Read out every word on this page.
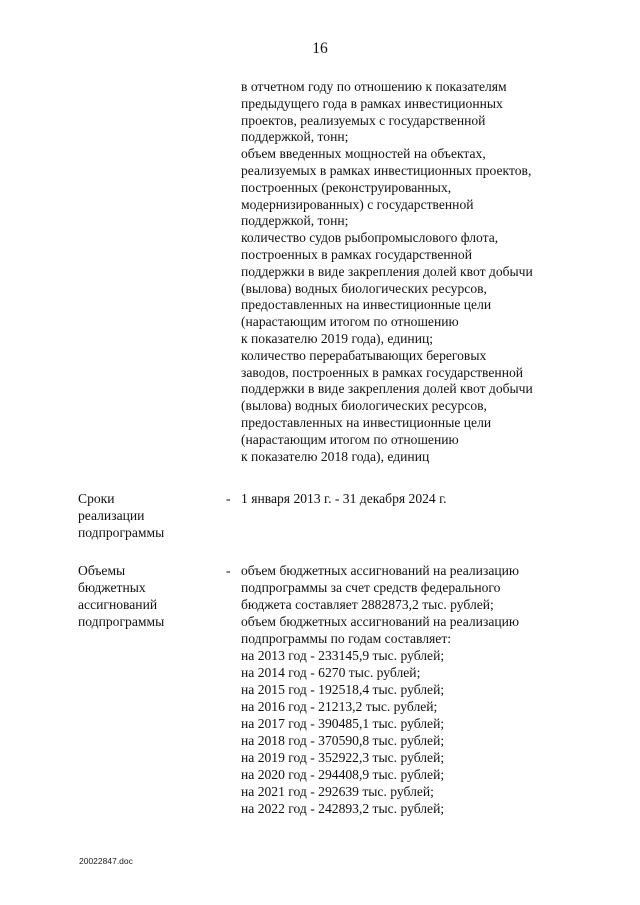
16
в отчетном году по отношению к показателям
предыдущего года в рамках инвестиционных
проектов, реализуемых с государственной
поддержкой, тонн;
объем введенных мощностей на объектах,
реализуемых в рамках инвестиционных проектов,
построенных (реконструированных,
модернизированных) с государственной
поддержкой, тонн;
количество судов рыбопромыслового флота,
построенных в рамках государственной
поддержки в виде закрепления долей квот добычи
(вылова) водных биологических ресурсов,
предоставленных на инвестиционные цели
(нарастающим итогом по отношению
к показателю 2019 года), единиц;
количество перерабатывающих береговых
заводов, построенных в рамках государственной
поддержки в виде закрепления долей квот добычи
(вылова) водных биологических ресурсов,
предоставленных на инвестиционные цели
(нарастающим итогом по отношению
к показателю 2018 года), единиц
Сроки
реализации
подпрограммы
- 1 января 2013 г. - 31 декабря 2024 г.
Объемы
бюджетных
ассигнований
подпрограммы
- объем бюджетных ассигнований на реализацию
подпрограммы за счет средств федерального
бюджета составляет 2882873,2 тыс. рублей;
объем бюджетных ассигнований на реализацию
подпрограммы по годам составляет:
на 2013 год - 233145,9 тыс. рублей;
на 2014 год - 6270 тыс. рублей;
на 2015 год - 192518,4 тыс. рублей;
на 2016 год - 21213,2 тыс. рублей;
на 2017 год - 390485,1 тыс. рублей;
на 2018 год - 370590,8 тыс. рублей;
на 2019 год - 352922,3 тыс. рублей;
на 2020 год - 294408,9 тыс. рублей;
на 2021 год - 292639 тыс. рублей;
на 2022 год - 242893,2 тыс. рублей;
20022847.doc
